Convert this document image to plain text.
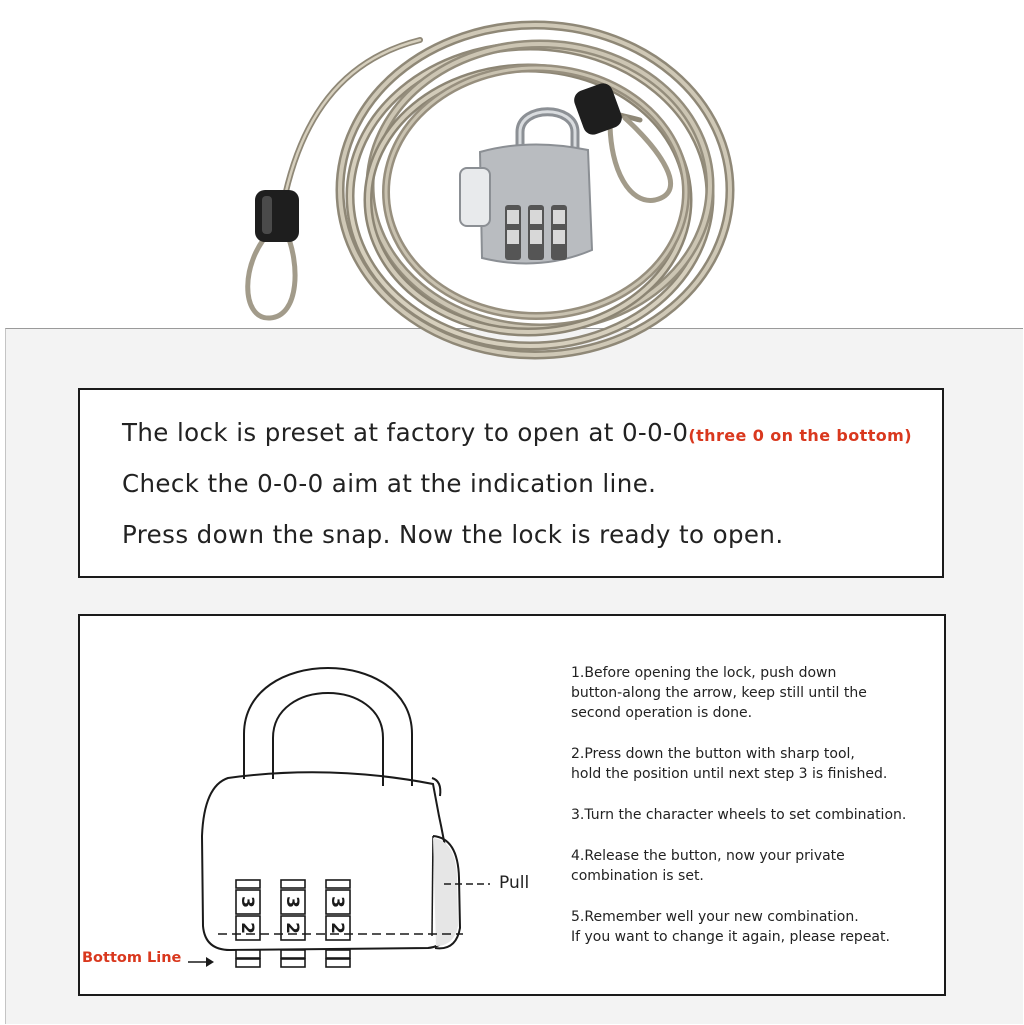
The lock is preset at factory to open at 0-0-0(three 0 on the bottom)
Check the 0-0-0 aim at the indication line.
Press down the snap. Now the lock is ready to open.
3
2
3
2
3
2
Pull
Bottom Line
1.Before opening the lock, push down
button-along the arrow, keep still until the
second operation is done.
2.Press down the button with sharp tool,
hold the position until next step 3 is finished.
3.Turn the character wheels to set combination.
4.Release the button, now your private
combination is set.
5.Remember well your new combination.
If you want to change it again, please repeat.
